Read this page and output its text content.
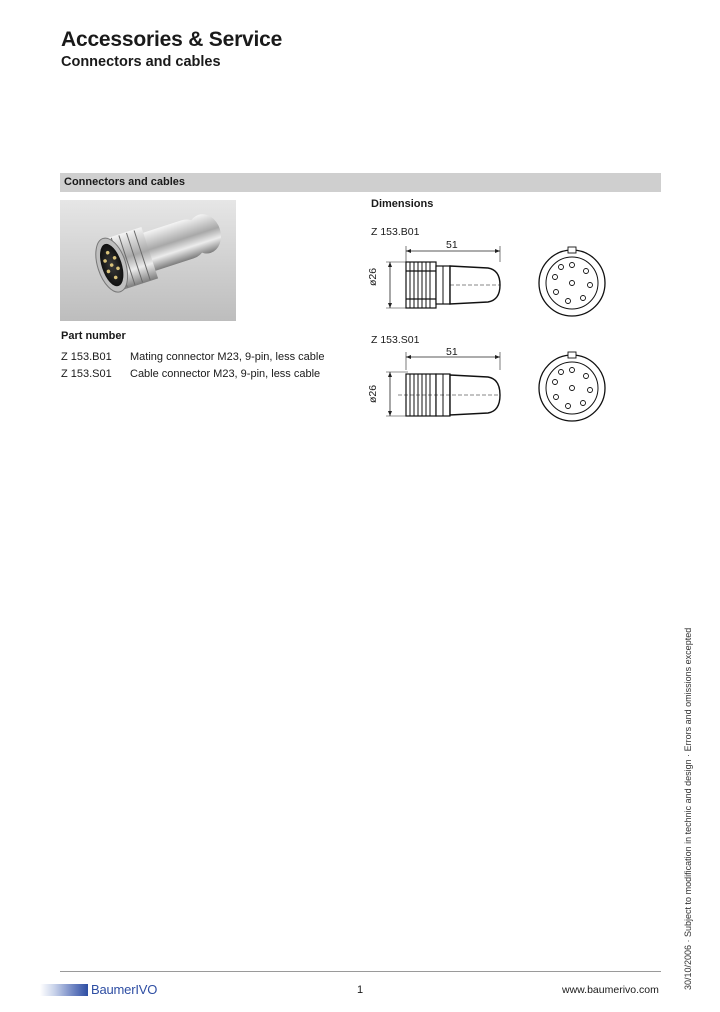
Accessories & Service
Connectors and cables
Connectors and cables
Part number
Z 153.B01 Mating connector M23, 9-pin, less cable
Z 153.S01 Cable connector M23, 9-pin, less cable
Dimensions
Z 153.B01
51
ø26
Z 153.S01
51
ø26
30/10/2006 · Subject to modification in technic and design · Errors and omissions excepted
BaumerIVO	1	www.baumerivo.com
